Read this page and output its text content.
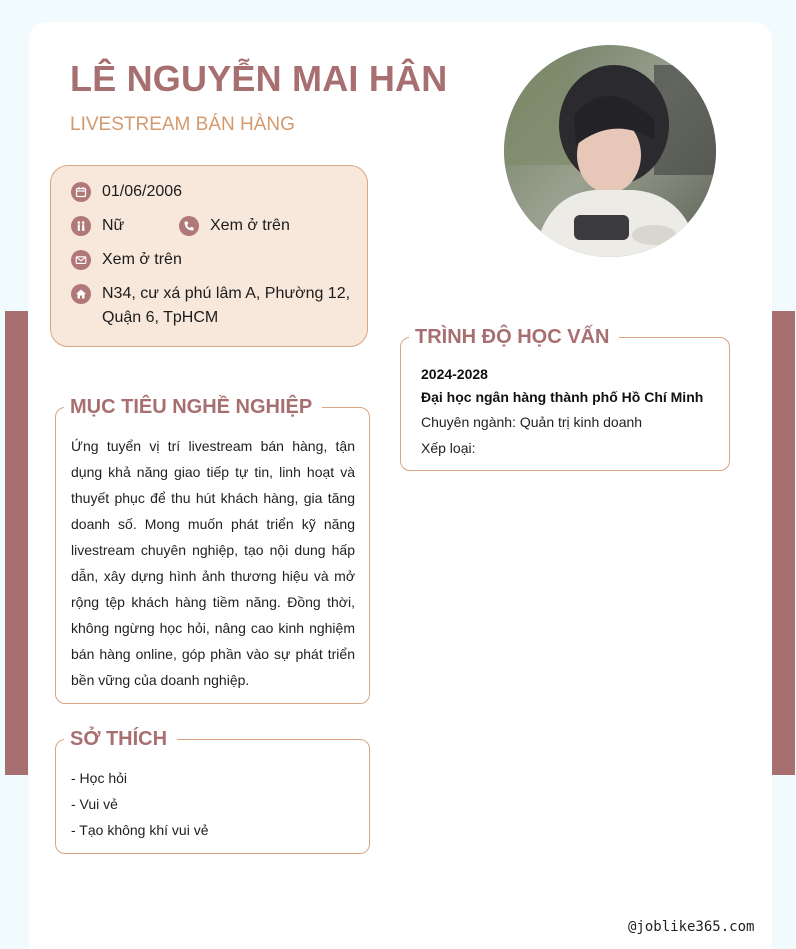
LÊ NGUYỄN MAI HÂN
LIVESTREAM BÁN HÀNG
01/06/2006
Nữ	Xem ở trên
Xem ở trên
N34, cư xá phú lâm A, Phường 12,
Quận 6, TpHCM
MỤC TIÊU NGHỀ NGHIỆP

Ứng tuyển vị trí livestream bán hàng, tận dụng khả năng giao tiếp tự tin, linh hoạt và thuyết phục để thu hút khách hàng, gia tăng doanh số. Mong muốn phát triển kỹ năng livestream chuyên nghiệp, tạo nội dung hấp dẫn, xây dựng hình ảnh thương hiệu và mở rộng tệp khách hàng tiềm năng. Đồng thời, không ngừng học hỏi, nâng cao kinh nghiệm bán hàng online, góp phần vào sự phát triển bền vững của doanh nghiệp.

SỞ THÍCH
- Học hỏi
- Vui vẻ
- Tạo không khí vui vẻ
TRÌNH ĐỘ HỌC VẤN
2024-2028
Đại học ngân hàng thành phố Hồ Chí Minh
Chuyên ngành: Quản trị kinh doanh
Xếp loại:
@joblike365.com
